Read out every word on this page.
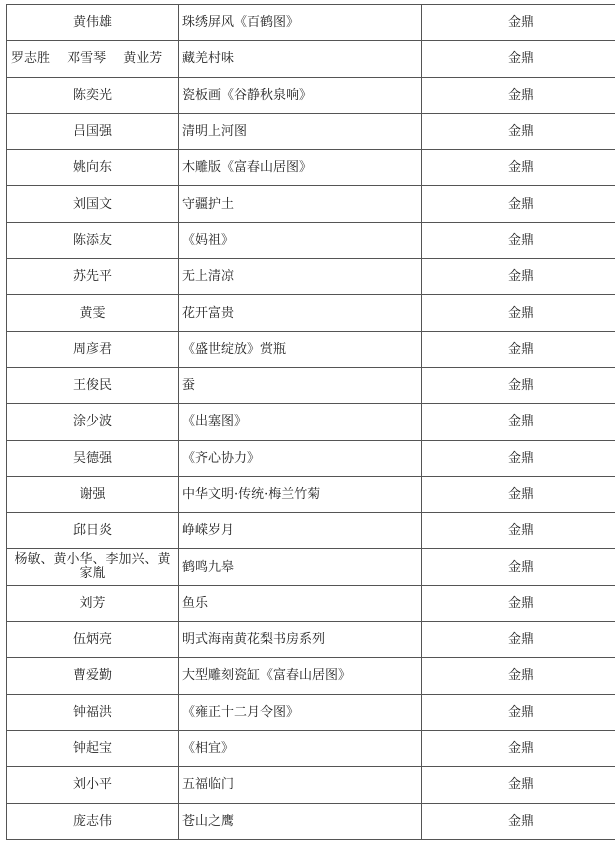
黄伟雄	珠绣屏风《百鹤图》	金鼎
罗志胜　 邓雪琴　 黄业芳	藏羌村味	金鼎
陈奕光	瓷板画《谷静秋泉响》	金鼎
吕国强	清明上河图	金鼎
姚向东	木雕版《富春山居图》	金鼎
刘国文	守疆护土	金鼎
陈添友	《妈祖》	金鼎
苏先平	无上清凉	金鼎
黄雯	花开富贵	金鼎
周彦君	《盛世绽放》赏瓶	金鼎
王俊民	蚕	金鼎
涂少波	《出塞图》	金鼎
吴德强	《齐心协力》	金鼎
谢强	中华文明·传统·梅兰竹菊	金鼎
邱日炎	峥嵘岁月	金鼎
杨敏、黄小华、李加兴、黄家胤	鹤鸣九皋	金鼎
刘芳	鱼乐	金鼎
伍炳亮	明式海南黄花梨书房系列	金鼎
曹爱勤	大型雕刻瓷缸《富春山居图》	金鼎
钟福洪	《雍正十二月令图》	金鼎
钟起宝	《相宜》	金鼎
刘小平	五福临门	金鼎
庞志伟	苍山之鹰	金鼎
